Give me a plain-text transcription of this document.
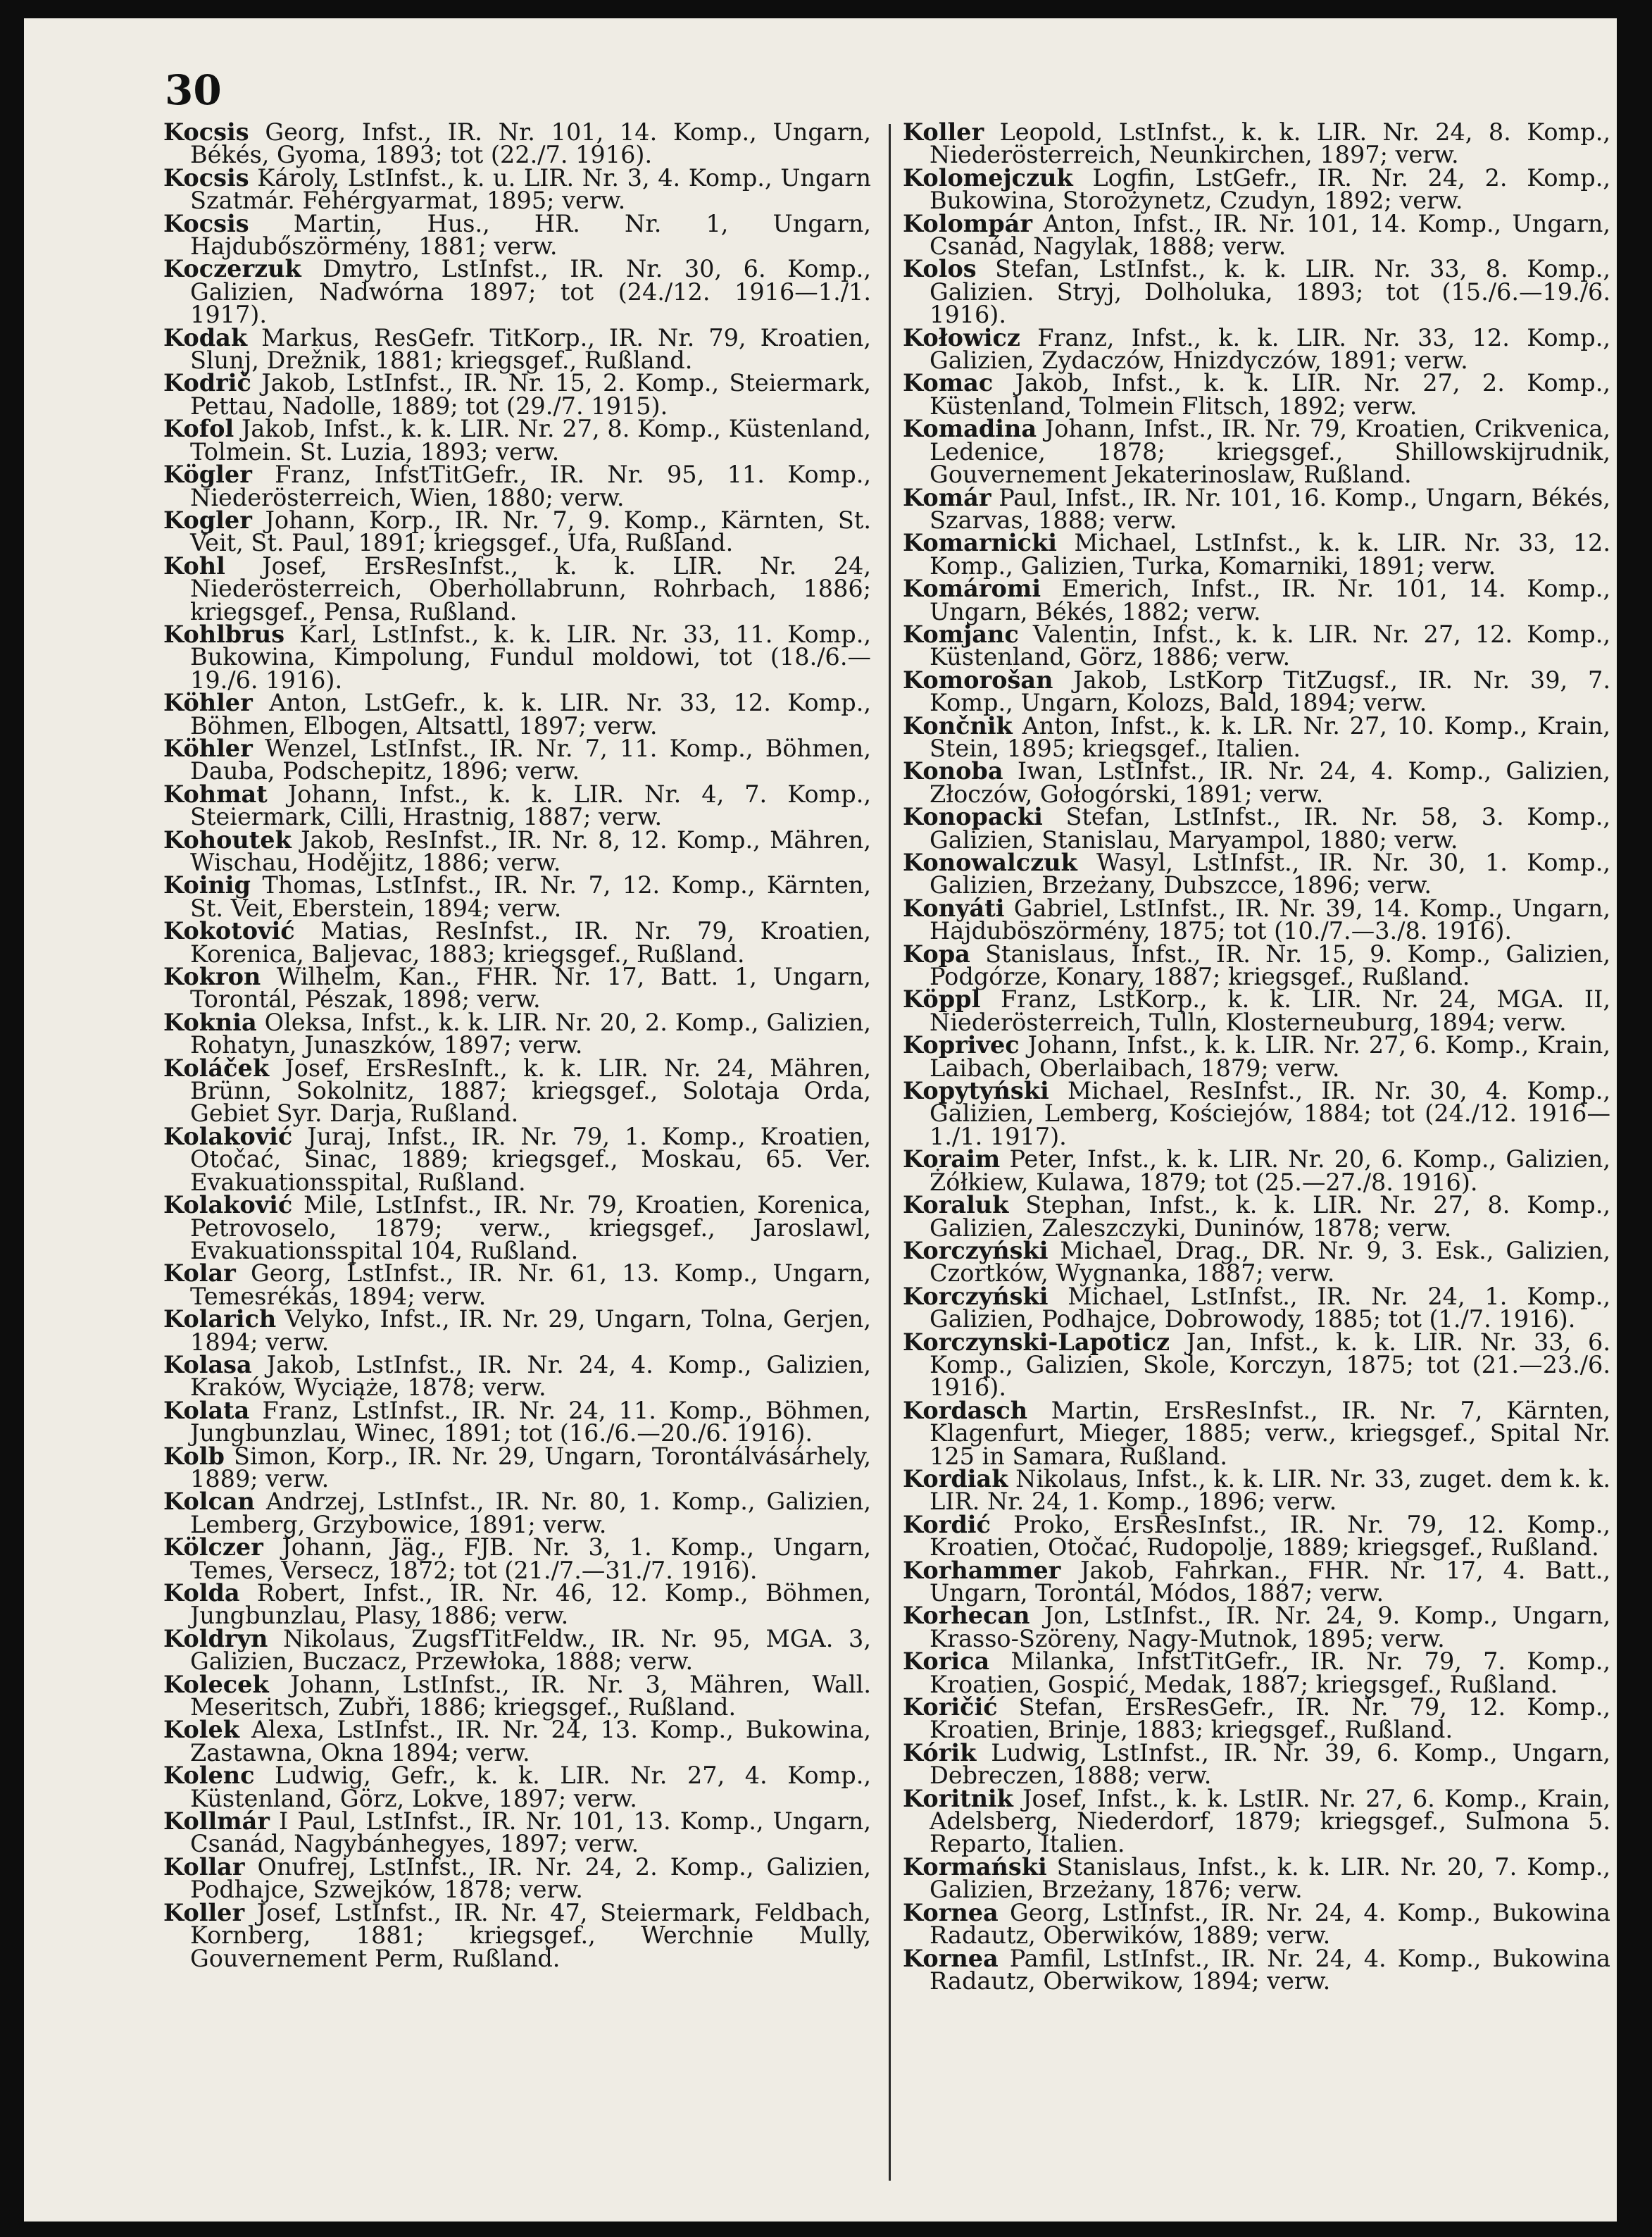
30

Kocsis Georg, Infst., IR. Nr. 101, 14. Komp., Ungarn, Békés, Gyoma, 1893; tot (22./7. 1916).

Kocsis Károly, LstInfst., k. u. LIR. Nr. 3, 4. Komp., Ungarn Szatmár. Fehérgyarmat, 1895; verw.

Kocsis Martin, Hus., HR. Nr. 1, Ungarn, Hajdubőszörmény, 1881; verw.

Koczerzuk Dmytro, LstInfst., IR. Nr. 30, 6. Komp., Galizien, Nadwórna 1897; tot (24./12. 1916—1./1. 1917).

Kodak Markus, ResGefr. TitKorp., IR. Nr. 79, Kroatien, Slunj, Drežnik, 1881; kriegsgef., Rußland.

Kodrič Jakob, LstInfst., IR. Nr. 15, 2. Komp., Steiermark, Pettau, Nadolle, 1889; tot (29./7. 1915).

Kofol Jakob, Infst., k. k. LIR. Nr. 27, 8. Komp., Küstenland, Tolmein. St. Luzia, 1893; verw.

Kögler Franz, InfstTitGefr., IR. Nr. 95, 11. Komp., Niederösterreich, Wien, 1880; verw.

Kogler Johann, Korp., IR. Nr. 7, 9. Komp., Kärnten, St. Veit, St. Paul, 1891; kriegsgef., Ufa, Rußland.

Kohl Josef, ErsResInfst., k. k. LIR. Nr. 24, Niederösterreich, Oberhollabrunn, Rohrbach, 1886; kriegsgef., Pensa, Rußland.

Kohlbrus Karl, LstInfst., k. k. LIR. Nr. 33, 11. Komp., Bukowina, Kimpolung, Fundul moldowi, tot (18./6.—19./6. 1916).

Köhler Anton, LstGefr., k. k. LIR. Nr. 33, 12. Komp., Böhmen, Elbogen, Altsattl, 1897; verw.

Köhler Wenzel, LstInfst., IR. Nr. 7, 11. Komp., Böhmen, Dauba, Podschepitz, 1896; verw.

Kohmat Johann, Infst., k. k. LIR. Nr. 4, 7. Komp., Steiermark, Cilli, Hrastnig, 1887; verw.

Kohoutek Jakob, ResInfst., IR. Nr. 8, 12. Komp., Mähren, Wischau, Hodějitz, 1886; verw.

Koinig Thomas, LstInfst., IR. Nr. 7, 12. Komp., Kärnten, St. Veit, Eberstein, 1894; verw.

Kokotović Matias, ResInfst., IR. Nr. 79, Kroatien, Korenica, Baljevac, 1883; kriegsgef., Rußland.

Kokron Wilhelm, Kan., FHR. Nr. 17, Batt. 1, Ungarn, Torontál, Pészak, 1898; verw.

Koknia Oleksa, Infst., k. k. LIR. Nr. 20, 2. Komp., Galizien, Rohatyn, Junaszków, 1897; verw.

Koláček Josef, ErsResInft., k. k. LIR. Nr. 24, Mähren, Brünn, Sokolnitz, 1887; kriegsgef., Solotaja Orda, Gebiet Syr. Darja, Rußland.

Kolaković Juraj, Infst., IR. Nr. 79, 1. Komp., Kroatien, Otočać, Sinac, 1889; kriegsgef., Moskau, 65. Ver. Evakuationsspital, Rußland.

Kolaković Mile, LstInfst., IR. Nr. 79, Kroatien, Korenica, Petrovoselo, 1879; verw., kriegsgef., Jaroslawl, Evakuationsspital 104, Rußland.

Kolar Georg, LstInfst., IR. Nr. 61, 13. Komp., Ungarn, Temesrékás, 1894; verw.

Kolarich Velyko, Infst., IR. Nr. 29, Ungarn, Tolna, Gerjen, 1894; verw.

Kolasa Jakob, LstInfst., IR. Nr. 24, 4. Komp., Galizien, Kraków, Wyciąże, 1878; verw.

Kolata Franz, LstInfst., IR. Nr. 24, 11. Komp., Böhmen, Jungbunzlau, Winec, 1891; tot (16./6.—20./6. 1916).

Kolb Simon, Korp., IR. Nr. 29, Ungarn, Torontálvásárhely, 1889; verw.

Kolcan Andrzej, LstInfst., IR. Nr. 80, 1. Komp., Galizien, Lemberg, Grzybowice, 1891; verw.

Kölczer Johann, Jäg., FJB. Nr. 3, 1. Komp., Ungarn, Temes, Versecz, 1872; tot (21./7.—31./7. 1916).

Kolda Robert, Infst., IR. Nr. 46, 12. Komp., Böhmen, Jungbunzlau, Plasy, 1886; verw.

Koldryn Nikolaus, ZugsfTitFeldw., IR. Nr. 95, MGA. 3, Galizien, Buczacz, Przewłoka, 1888; verw.

Kolecek Johann, LstInfst., IR. Nr. 3, Mähren, Wall. Meseritsch, Zubři, 1886; kriegsgef., Rußland.

Kolek Alexa, LstInfst., IR. Nr. 24, 13. Komp., Bukowina, Zastawna, Okna 1894; verw.

Kolenc Ludwig, Gefr., k. k. LIR. Nr. 27, 4. Komp., Küstenland, Görz, Lokve, 1897; verw.

Kollmár I Paul, LstInfst., IR. Nr. 101, 13. Komp., Ungarn, Csanád, Nagybánhegyes, 1897; verw.

Kollar Onufrej, LstInfst., IR. Nr. 24, 2. Komp., Galizien, Podhajce, Szwejków, 1878; verw.

Koller Josef, LstInfst., IR. Nr. 47, Steiermark, Feldbach, Kornberg, 1881; kriegsgef., Werchnie Mully, Gouvernement Perm, Rußland.

Koller Leopold, LstInfst., k. k. LIR. Nr. 24, 8. Komp., Niederösterreich, Neunkirchen, 1897; verw.

Kolomejczuk Logfin, LstGefr., IR. Nr. 24, 2. Komp., Bukowina, Storożynetz, Czudyn, 1892; verw.

Kolompár Anton, Infst., IR. Nr. 101, 14. Komp., Ungarn, Csanád, Nagylak, 1888; verw.

Kolos Stefan, LstInfst., k. k. LIR. Nr. 33, 8. Komp., Galizien. Stryj, Dolholuka, 1893; tot (15./6.—19./6. 1916).

Kołowicz Franz, Infst., k. k. LIR. Nr. 33, 12. Komp., Galizien, Zydaczów, Hnizdyczów, 1891; verw.

Komac Jakob, Infst., k. k. LIR. Nr. 27, 2. Komp., Küstenland, Tolmein Flitsch, 1892; verw.

Komadina Johann, Infst., IR. Nr. 79, Kroatien, Crikvenica, Ledenice, 1878; kriegsgef., Shillowskijrudnik, Gouvernement Jekaterinoslaw, Rußland.

Komár Paul, Infst., IR. Nr. 101, 16. Komp., Ungarn, Békés, Szarvas, 1888; verw.

Komarnicki Michael, LstInfst., k. k. LIR. Nr. 33, 12. Komp., Galizien, Turka, Komarniki, 1891; verw.

Komáromi Emerich, Infst., IR. Nr. 101, 14. Komp., Ungarn, Békés, 1882; verw.

Komjanc Valentin, Infst., k. k. LIR. Nr. 27, 12. Komp., Küstenland, Görz, 1886; verw.

Komorošan Jakob, LstKorp TitZugsf., IR. Nr. 39, 7. Komp., Ungarn, Kolozs, Bald, 1894; verw.

Končnik Anton, Infst., k. k. LR. Nr. 27, 10. Komp., Krain, Stein, 1895; kriegsgef., Italien.

Konoba Iwan, LstInfst., IR. Nr. 24, 4. Komp., Galizien, Złoczów, Gołogórski, 1891; verw.

Konopacki Stefan, LstInfst., IR. Nr. 58, 3. Komp., Galizien, Stanislau, Maryampol, 1880; verw.

Konowalczuk Wasyl, LstInfst., IR. Nr. 30, 1. Komp., Galizien, Brzeżany, Dubszcce, 1896; verw.

Konyáti Gabriel, LstInfst., IR. Nr. 39, 14. Komp., Ungarn, Hajduböszörmény, 1875; tot (10./7.—3./8. 1916).

Kopa Stanislaus, Infst., IR. Nr. 15, 9. Komp., Galizien, Podgórze, Konary, 1887; kriegsgef., Rußland.

Köppl Franz, LstKorp., k. k. LIR. Nr. 24, MGA. II, Niederösterreich, Tulln, Klosterneuburg, 1894; verw.

Koprivec Johann, Infst., k. k. LIR. Nr. 27, 6. Komp., Krain, Laibach, Oberlaibach, 1879; verw.

Kopytyński Michael, ResInfst., IR. Nr. 30, 4. Komp., Galizien, Lemberg, Kościejów, 1884; tot (24./12. 1916—1./1. 1917).

Koraim Peter, Infst., k. k. LIR. Nr. 20, 6. Komp., Galizien, Żółkiew, Kulawa, 1879; tot (25.—27./8. 1916).

Koraluk Stephan, Infst., k. k. LIR. Nr. 27, 8. Komp., Galizien, Zaleszczyki, Duninów, 1878; verw.

Korczyński Michael, Drag., DR. Nr. 9, 3. Esk., Galizien, Czortków, Wygnanka, 1887; verw.

Korczyński Michael, LstInfst., IR. Nr. 24, 1. Komp., Galizien, Podhajce, Dobrowody, 1885; tot (1./7. 1916).

Korczynski-Lapoticz Jan, Infst., k. k. LIR. Nr. 33, 6. Komp., Galizien, Skole, Korczyn, 1875; tot (21.—23./6. 1916).

Kordasch Martin, ErsResInfst., IR. Nr. 7, Kärnten, Klagenfurt, Mieger, 1885; verw., kriegsgef., Spital Nr. 125 in Samara, Rußland.

Kordiak Nikolaus, Infst., k. k. LIR. Nr. 33, zuget. dem k. k. LIR. Nr. 24, 1. Komp., 1896; verw.

Kordić Proko, ErsResInfst., IR. Nr. 79, 12. Komp., Kroatien, Otočać, Rudopolje, 1889; kriegsgef., Rußland.

Korhammer Jakob, Fahrkan., FHR. Nr. 17, 4. Batt., Ungarn, Torontál, Módos, 1887; verw.

Korhecan Jon, LstInfst., IR. Nr. 24, 9. Komp., Ungarn, Krasso-Szöreny, Nagy-Mutnok, 1895; verw.

Korica Milanka, InfstTitGefr., IR. Nr. 79, 7. Komp., Kroatien, Gospić, Medak, 1887; kriegsgef., Rußland.

Koričić Stefan, ErsResGefr., IR. Nr. 79, 12. Komp., Kroatien, Brinje, 1883; kriegsgef., Rußland.

Kórik Ludwig, LstInfst., IR. Nr. 39, 6. Komp., Ungarn, Debreczen, 1888; verw.

Koritnik Josef, Infst., k. k. LstIR. Nr. 27, 6. Komp., Krain, Adelsberg, Niederdorf, 1879; kriegsgef., Sulmona 5. Reparto, Italien.

Kormański Stanislaus, Infst., k. k. LIR. Nr. 20, 7. Komp., Galizien, Brzeżany, 1876; verw.

Kornea Georg, LstInfst., IR. Nr. 24, 4. Komp., Bukowina Radautz, Oberwików, 1889; verw.

Kornea Pamfil, LstInfst., IR. Nr. 24, 4. Komp., Bukowina Radautz, Oberwikow, 1894; verw.
